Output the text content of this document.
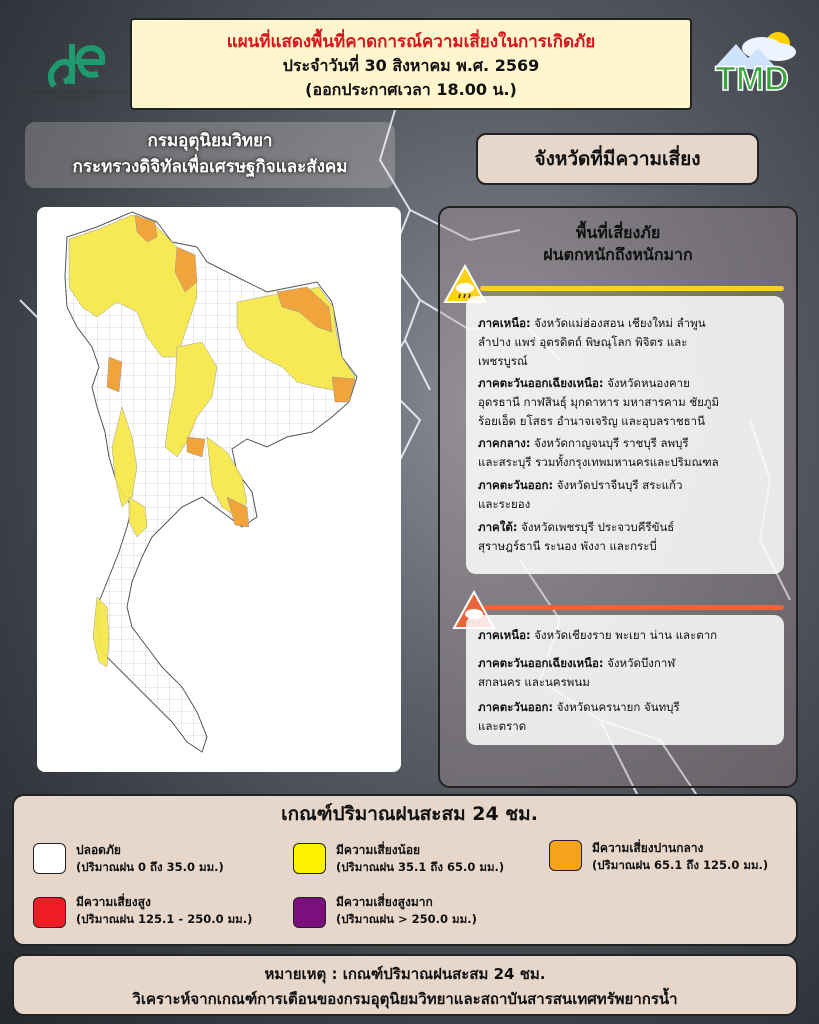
แผนที่แสดงพื้นที่คาดการณ์ความเสี่ยงในการเกิดภัย
ประจำวันที่ 30 สิงหาคม พ.ศ. 2569
(ออกประกาศเวลา 18.00 น.)
กระทรวงดิจิทัลเพื่อเศรษฐกิจและสังคม MINISTRY OF DIGITAL ECONOMY AND SOCIETY	TMD
กรมอุตุนิยมวิทยา
กระทรวงดิจิทัลเพื่อเศรษฐกิจและสังคม	จังหวัดที่มีความเสี่ยง
พื้นที่เสี่ยงภัย
ฝนตกหนักถึงหนักมาก
ภาคเหนือ: จังหวัดแม่ฮ่องสอน เชียงใหม่ ลำพูน
ลำปาง แพร่ อุตรดิตถ์ พิษณุโลก พิจิตร และ
เพชรบูรณ์
ภาคตะวันออกเฉียงเหนือ: จังหวัดหนองคาย
อุดรธานี กาฬสินธุ์ มุกดาหาร มหาสารคาม ชัยภูมิ
ร้อยเอ็ด ยโสธร อำนาจเจริญ และอุบลราชธานี
ภาคกลาง: จังหวัดกาญจนบุรี ราชบุรี ลพบุรี
และสระบุรี รวมทั้งกรุงเทพมหานครและปริมณฑล
ภาคตะวันออก: จังหวัดปราจีนบุรี สระแก้ว
และระยอง
ภาคใต้: จังหวัดเพชรบุรี ประจวบคีรีขันธ์
สุราษฎร์ธานี ระนอง พังงา และกระบี่
ภาคเหนือ: จังหวัดเชียงราย พะเยา น่าน และตาก
ภาคตะวันออกเฉียงเหนือ: จังหวัดบึงกาฬ
สกลนคร และนครพนม
ภาคตะวันออก: จังหวัดนครนายก จันทบุรี
และตราด
เกณฑ์ปริมาณฝนสะสม 24 ชม.
ปลอดภัย
(ปริมาณฝน 0 ถึง 35.0 มม.)
มีความเสี่ยงน้อย
(ปริมาณฝน 35.1 ถึง 65.0 มม.)
มีความเสี่ยงปานกลาง
(ปริมาณฝน 65.1 ถึง 125.0 มม.)
มีความเสี่ยงสูง
(ปริมาณฝน 125.1 - 250.0 มม.)
มีความเสี่ยงสูงมาก
(ปริมาณฝน > 250.0 มม.)
หมายเหตุ : เกณฑ์ปริมาณฝนสะสม 24 ชม.
วิเคราะห์จากเกณฑ์การเตือนของกรมอุตุนิยมวิทยาและสถาบันสารสนเทศทรัพยากรน้ำ
